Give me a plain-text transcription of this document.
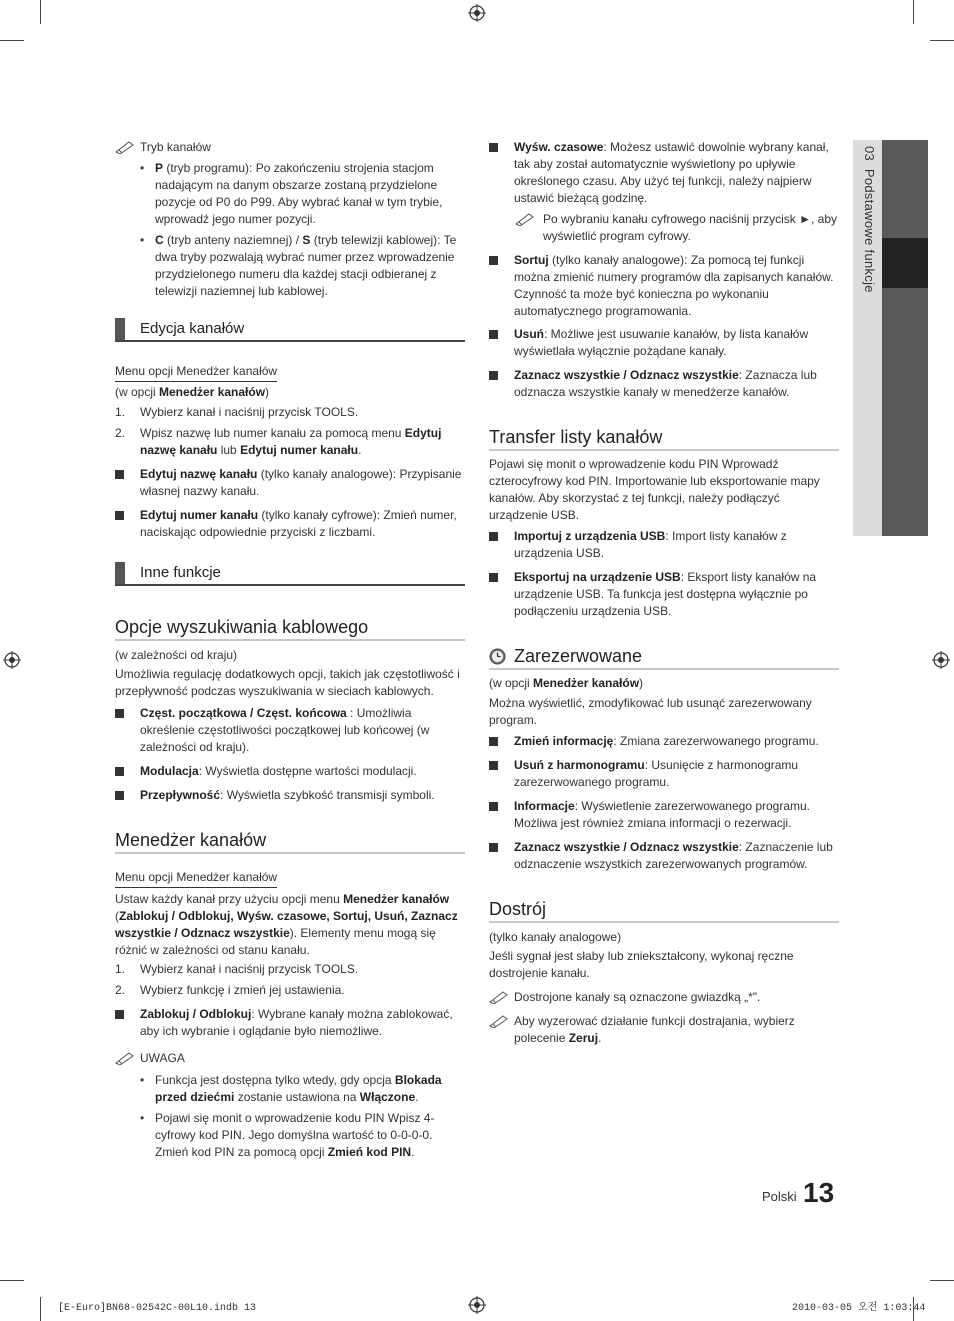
03  Podstawowe funkcje
Tryb kanałów
• P (tryb programu): Po zakończeniu strojenia stacjom nadającym na danym obszarze zostaną przydzielone pozycje od P0 do P99. Aby wybrać kanał w tym trybie, wprowadź jego numer pozycji.

• C (tryb anteny naziemnej) / S (tryb telewizji kablowej): Te dwa tryby pozwalają wybrać numer przez wprowadzenie przydzielonego numeru dla każdej stacji odbieranej z telewizji naziemnej lub kablowej.

Edycja kanałów
Menu opcji Menedżer kanałów
(w opcji Menedżer kanałów)
1. Wybierz kanał i naciśnij przycisk TOOLS.
2. Wpisz nazwę lub numer kanału za pomocą menu Edytuj nazwę kanału lub Edytuj numer kanału.
Edytuj nazwę kanału (tylko kanały analogowe): Przypisanie własnej nazwy kanału.
Edytuj numer kanału (tylko kanały cyfrowe): Zmień numer, naciskając odpowiednie przyciski z liczbami.
Inne funkcje
Opcje wyszukiwania kablowego
(w zależności od kraju)
Umożliwia regulację dodatkowych opcji, takich jak częstotliwość i przepływność podczas wyszukiwania w sieciach kablowych.
Częst. początkowa / Częst. końcowa : Umożliwia określenie częstotliwości początkowej lub końcowej (w zależności od kraju).
Modulacja: Wyświetla dostępne wartości modulacji.
Przepływność: Wyświetla szybkość transmisji symboli.
Menedżer kanałów
Menu opcji Menedżer kanałów
Ustaw każdy kanał przy użyciu opcji menu Menedżer kanałów (Zablokuj / Odblokuj, Wyśw. czasowe, Sortuj, Usuń, Zaznacz wszystkie / Odznacz wszystkie). Elementy menu mogą się różnić w zależności od stanu kanału.
1. Wybierz kanał i naciśnij przycisk TOOLS.
2. Wybierz funkcję i zmień jej ustawienia.
Zablokuj / Odblokuj: Wybrane kanały można zablokować, aby ich wybranie i oglądanie było niemożliwe.
UWAGA
• Funkcja jest dostępna tylko wtedy, gdy opcja Blokada przed dziećmi zostanie ustawiona na Włączone.

• Pojawi się monit o wprowadzenie kodu PIN Wpisz 4-cyfrowy kod PIN. Jego domyślna wartość to 0-0-0-0. Zmień kod PIN za pomocą opcji Zmień kod PIN.

Wyśw. czasowe: Możesz ustawić dowolnie wybrany kanał, tak aby został automatycznie wyświetlony po upływie określonego czasu. Aby użyć tej funkcji, należy najpierw ustawić bieżącą godzinę.
Po wybraniu kanału cyfrowego naciśnij przycisk ►, aby wyświetlić program cyfrowy.
Sortuj (tylko kanały analogowe): Za pomocą tej funkcji można zmienić numery programów dla zapisanych kanałów. Czynność ta może być konieczna po wykonaniu automatycznego programowania.
Usuń: Możliwe jest usuwanie kanałów, by lista kanałów wyświetlała wyłącznie pożądane kanały.
Zaznacz wszystkie / Odznacz wszystkie: Zaznacza lub odznacza wszystkie kanały w menedżerze kanałów.
Transfer listy kanałów
Pojawi się monit o wprowadzenie kodu PIN Wprowadź czterocyfrowy kod PIN. Importowanie lub eksportowanie mapy kanałów. Aby skorzystać z tej funkcji, należy podłączyć urządzenie USB.
Importuj z urządzenia USB: Import listy kanałów z urządzenia USB.
Eksportuj na urządzenie USB: Eksport listy kanałów na urządzenie USB. Ta funkcja jest dostępna wyłącznie po podłączeniu urządzenia USB.
Zarezerwowane
(w opcji Menedżer kanałów)
Można wyświetlić, zmodyfikować lub usunąć zarezerwowany program.
Zmień informację: Zmiana zarezerwowanego programu.
Usuń z harmonogramu: Usunięcie z harmonogramu zarezerwowanego programu.
Informacje: Wyświetlenie zarezerwowanego programu. Możliwa jest również zmiana informacji o rezerwacji.
Zaznacz wszystkie / Odznacz wszystkie: Zaznaczenie lub odznaczenie wszystkich zarezerwowanych programów.
Dostrój
(tylko kanały analogowe)
Jeśli sygnał jest słaby lub zniekształcony, wykonaj ręczne dostrojenie kanału.
Dostrojone kanały są oznaczone gwiazdką „*".
Aby wyzerować działanie funkcji dostrajania, wybierz polecenie Zeruj.
Polski 13
[E-Euro]BN68-02542C-00L10.indb 13	2010-03-05 오전 1:03:44
